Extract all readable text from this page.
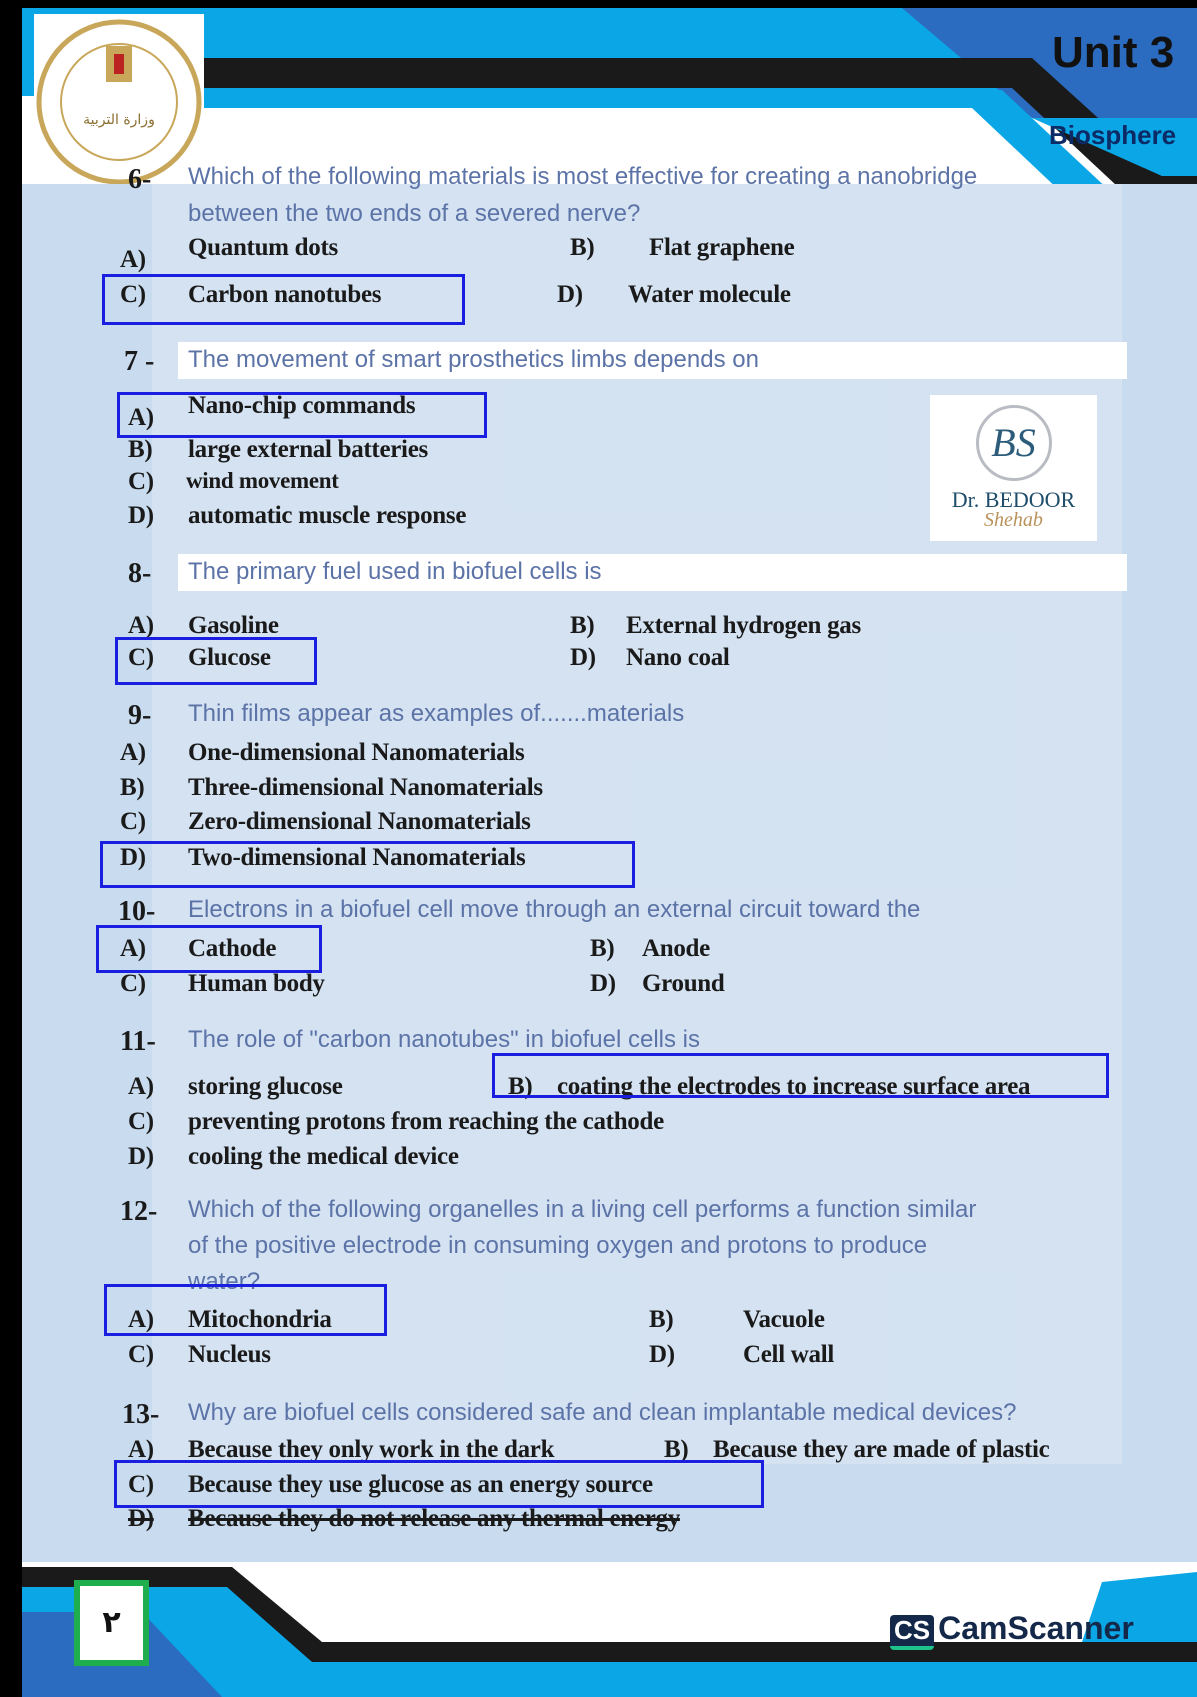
وزارة التربية
Unit 3
Biosphere
BS
Dr. BEDOOR
Shehab
6- Which of the following materials is most effective for creating a nanobridge
between the two ends of a severed nerve?
A) Quantum dots	B) Flat graphene
C) Carbon nanotubes	D) Water molecule
7 - The movement of smart prosthetics limbs depends on
A) Nano-chip commands
B) large external batteries
C) wind movement
D) automatic muscle response
8- The primary fuel used in biofuel cells is
A) Gasoline	B) External hydrogen gas
C) Glucose	D) Nano coal
9- Thin films appear as examples of.......materials
A) One-dimensional Nanomaterials
B) Three-dimensional Nanomaterials
C) Zero-dimensional Nanomaterials
D) Two-dimensional Nanomaterials
10- Electrons in a biofuel cell move through an external circuit toward the
A) Cathode	B) Anode
C) Human body	D) Ground
11- The role of "carbon nanotubes" in biofuel cells is
A) storing glucose	B) coating the electrodes to increase surface area
C) preventing protons from reaching the cathode
D) cooling the medical device
12- Which of the following organelles in a living cell performs a function similar
of the positive electrode in consuming oxygen and protons to produce
water?
A) Mitochondria	B)	Vacuole
C) Nucleus	D)	Cell wall
13- Why are biofuel cells considered safe and clean implantable medical devices?
A) Because they only work in the dark	B) Because they are made of plastic
C) Because they use glucose as an energy source
D) Because they do not release any thermal energy
٢	CS CamScanner
